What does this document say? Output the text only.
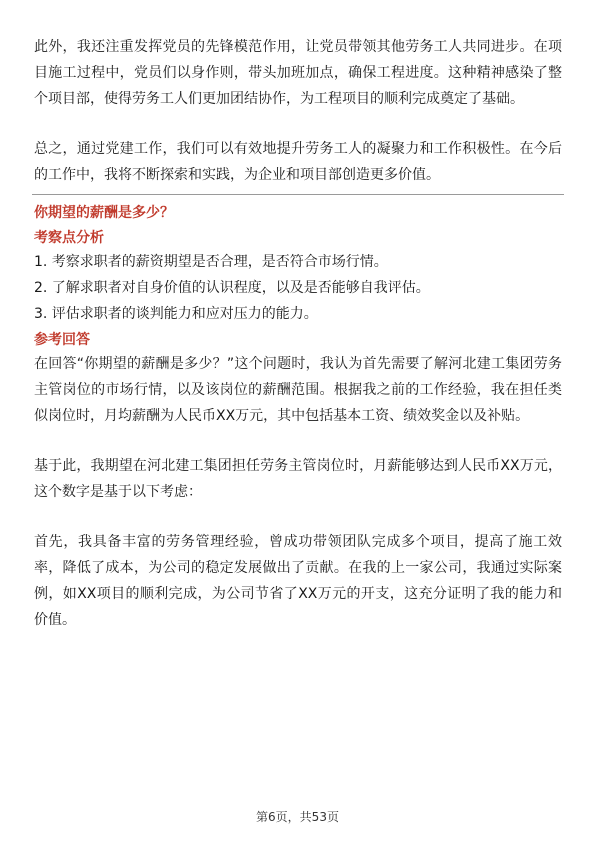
此外，我还注重发挥党员的先锋模范作用，让党员带领其他劳务工人共同进步。在项目施工过程中，党员们以身作则，带头加班加点，确保工程进度。这种精神感染了整个项目部，使得劳务工人们更加团结协作，为工程项目的顺利完成奠定了基础。

总之，通过党建工作，我们可以有效地提升劳务工人的凝聚力和工作积极性。在今后的工作中，我将不断探索和实践，为企业和项目部创造更多价值。

你期望的薪酬是多少？

考察点分析

1. 考察求职者的薪资期望是否合理，是否符合市场行情。
2. 了解求职者对自身价值的认识程度，以及是否能够自我评估。
3. 评估求职者的谈判能力和应对压力的能力。

参考回答

在回答“你期望的薪酬是多少？”这个问题时，我认为首先需要了解河北建工集团劳务主管岗位的市场行情，以及该岗位的薪酬范围。根据我之前的工作经验，我在担任类似岗位时，月均薪酬为人民币XX万元，其中包括基本工资、绩效奖金以及补贴。

基于此，我期望在河北建工集团担任劳务主管岗位时，月薪能够达到人民币XX万元，这个数字是基于以下考虑：

首先，我具备丰富的劳务管理经验，曾成功带领团队完成多个项目，提高了施工效率，降低了成本，为公司的稳定发展做出了贡献。在我的上一家公司，我通过实际案例，如XX项目的顺利完成，为公司节省了XX万元的开支，这充分证明了我的能力和价值。

第6页，共53页
